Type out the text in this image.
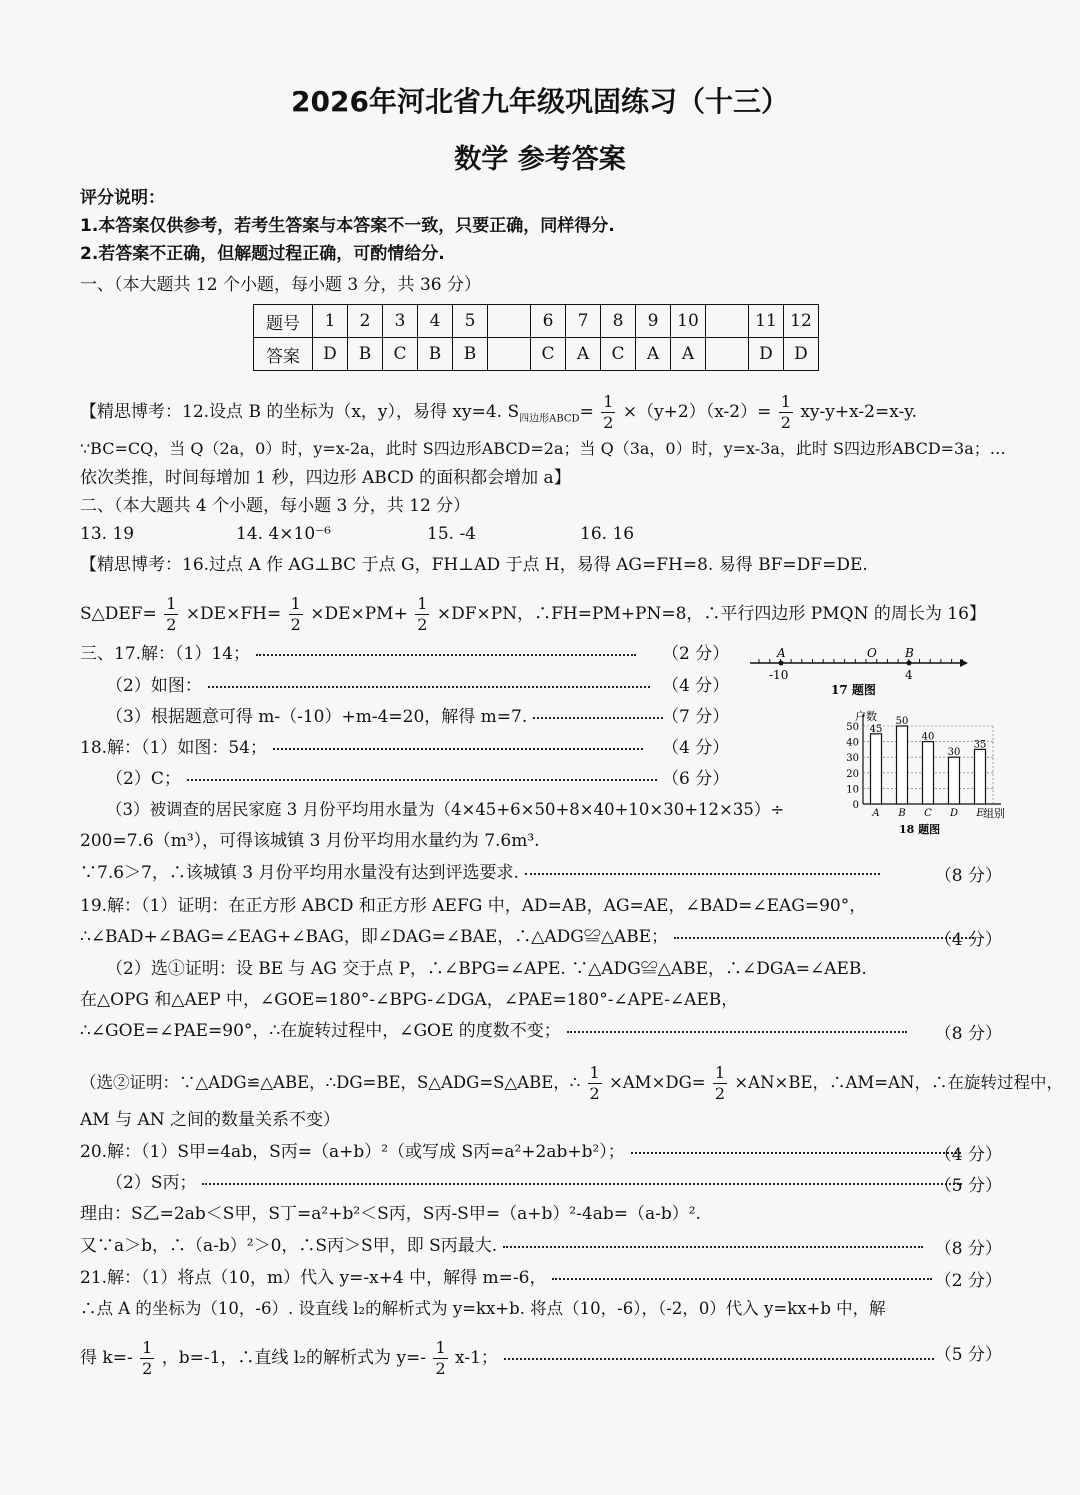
2026年河北省九年级巩固练习（十三）
数学 参考答案
评分说明：
1.本答案仅供参考，若考生答案与本答案不一致，只要正确，同样得分.
2.若答案不正确，但解题过程正确，可酌情给分.
一、（本大题共 12 个小题，每小题 3 分，共 36 分）
题号	1	2	3	4	5		6	7	8	9	10		11	12
答案	D	B	C	B	B		C	A	C	A	A		D	D
【精思博考：12.设点 B 的坐标为（x，y），易得 xy=4. $S_{四边形ABCD}= \frac{1}{2} \times(y+2)(x-2)= \frac{1}{2} xy-y+x-2=x-y$.
∵BC=CQ，当 Q（2a，0）时，y=x-2a，此时 S四边形ABCD=2a；当 Q（3a，0）时，y=x-3a，此时 S四边形ABCD=3a；…
依次类推，时间每增加 1 秒，四边形 ABCD 的面积都会增加 a】
二、（本大题共 4 个小题，每小题 3 分，共 12 分）
13. 19	14. 4×10⁻⁶	15. -4	16. 16
【精思博考：16.过点 A 作 AG⊥BC 于点 G，FH⊥AD 于点 H，易得 AG=FH=8. 易得 BF=DF=DE.
S△DEF= $\frac{1}{2} \times DE\times FH= \frac{1}{2} \times DE\times PM+ \frac{1}{2} \times DF\times PN$，∴FH=PM+PN=8，∴平行四边形 PMQN 的周长为 16】
三、17.解：（1）14；	（2 分）
（2）如图：	（4 分）
（3）根据题意可得 m-（-10）+m-4=20，解得 m=7.	（7 分）
A	O B
-10	4
17 题图
0
10
20
30
40
50 45
A
50
B
40
C
30
D
35
E
户数
组别
18 题图
18.解：（1）如图：54；	（4 分）
（2）C；	（6 分）
（3）被调查的居民家庭 3 月份平均用水量为（4×45+6×50+8×40+10×30+12×35）÷
200=7.6（m³），可得该城镇 3 月份平均用水量约为 7.6m³.
∵7.6＞7，∴该城镇 3 月份平均用水量没有达到评选要求.	（8 分）
19.解：（1）证明：在正方形 ABCD 和正方形 AEFG 中，AD=AB，AG=AE，∠BAD=∠EAG=90°，
∴∠BAD+∠BAG=∠EAG+∠BAG，即∠DAG=∠BAE，∴△ADG≌△ABE；	（4 分）
（2）选①证明：设 BE 与 AG 交于点 P，∴∠BPG=∠APE. ∵△ADG≌△ABE，∴∠DGA=∠AEB.
在△OPG 和△AEP 中，∠GOE=180°-∠BPG-∠DGA，∠PAE=180°-∠APE-∠AEB，
∴∠GOE=∠PAE=90°，∴在旋转过程中，∠GOE 的度数不变；	（8 分）
（选②证明：∵△ADG≌△ABE，∴DG=BE，S△ADG=S△ABE，∴ $\frac{1}{2} \times AM\times DG= \frac{1}{2} \times AN\times BE$，∴AM=AN，∴在旋转过程中，
AM 与 AN 之间的数量关系不变）
20.解：（1）S甲=4ab，S丙=（a+b）²（或写成 S丙=a²+2ab+b²）；	（4 分）
（2）S丙；	（5 分）
理由：S乙=2ab＜S甲，S丁=a²+b²＜S丙，S丙-S甲=（a+b）²-4ab=（a-b）².
又∵a＞b，∴（a-b）²＞0，∴S丙＞S甲，即 S丙最大.	（8 分）
21.解：（1）将点（10，m）代入 y=-x+4 中，解得 m=-6，	（2 分）
∴点 A 的坐标为（10，-6）. 设直线 l₂的解析式为 y=kx+b. 将点（10，-6），（-2，0）代入 y=kx+b 中，解
得 $k=- \frac{1}{2}$ ，b=-1，∴直线 l₂的解析式为 $y=- \frac{1}{2} x-1$；	（5 分）
